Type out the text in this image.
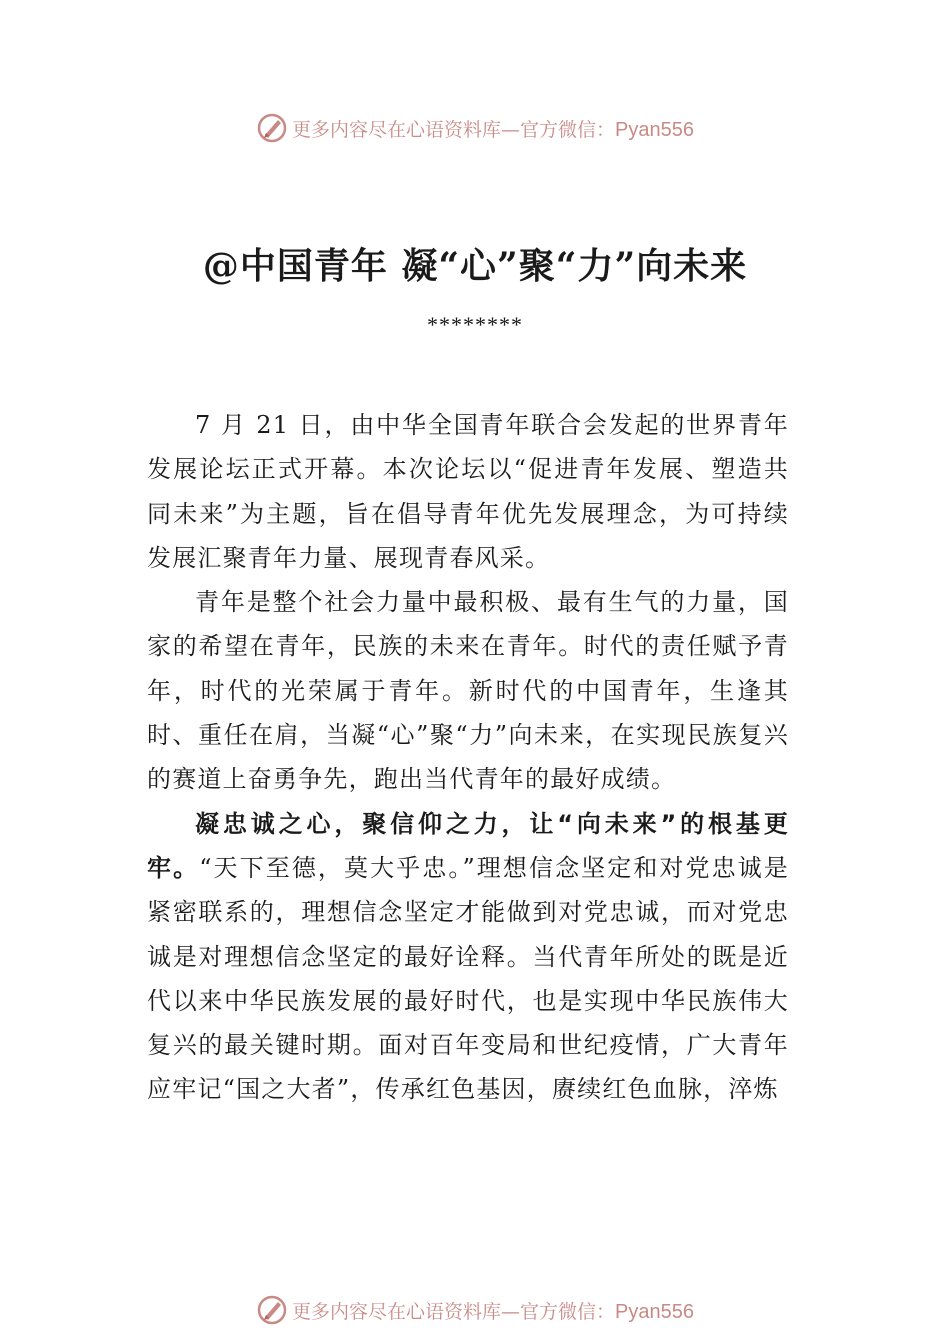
更多内容尽在心语资料库—官方微信：Pyan556
@中国青年 凝“心”聚“力”向未来
********

7 月 21 日，由中华全国青年联合会发起的世界青年发展论坛正式开幕。本次论坛以“促进青年发展、塑造共同未来”为主题，旨在倡导青年优先发展理念，为可持续发展汇聚青年力量、展现青春风采。

青年是整个社会力量中最积极、最有生气的力量，国家的希望在青年，民族的未来在青年。时代的责任赋予青年，时代的光荣属于青年。新时代的中国青年，生逢其时、重任在肩，当凝“心”聚“力”向未来，在实现民族复兴的赛道上奋勇争先，跑出当代青年的最好成绩。

凝忠诚之心，聚信仰之力，让“向未来”的根基更牢。“天下至德，莫大乎忠。”理想信念坚定和对党忠诚是紧密联系的，理想信念坚定才能做到对党忠诚，而对党忠诚是对理想信念坚定的最好诠释。当代青年所处的既是近代以来中华民族发展的最好时代，也是实现中华民族伟大复兴的最关键时期。面对百年变局和世纪疫情，广大青年应牢记“国之大者”，传承红色基因，赓续红色血脉，淬炼

更多内容尽在心语资料库—官方微信：Pyan556
